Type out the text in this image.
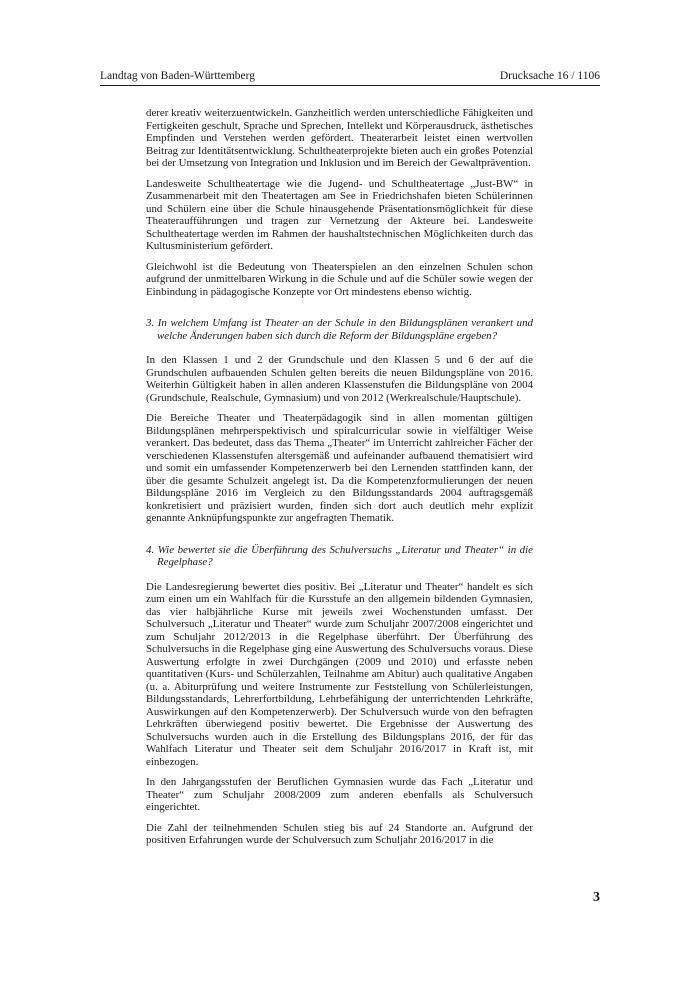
Landtag von Baden-Württemberg	Drucksache 16 / 1106

derer kreativ weiterzuentwickeln. Ganzheitlich werden unterschiedliche Fähigkeiten und Fertigkeiten geschult, Sprache und Sprechen, Intellekt und Körperausdruck, ästhetisches Empfinden und Verstehen werden gefördert. Theaterarbeit leistet einen wertvollen Beitrag zur Identitätsentwicklung. Schultheaterprojekte bieten auch ein großes Potenzial bei der Umsetzung von Integration und Inklusion und im Bereich der Gewaltprävention.

Landesweite Schultheatertage wie die Jugend- und Schultheatertage „Just-BW“ in Zusammenarbeit mit den Theatertagen am See in Friedrichshafen bieten Schülerinnen und Schülern eine über die Schule hinausgehende Präsentationsmöglichkeit für diese Theateraufführungen und tragen zur Vernetzung der Akteure bei. Landesweite Schultheatertage werden im Rahmen der haushaltstechnischen Möglichkeiten durch das Kultusministerium gefördert.

Gleichwohl ist die Bedeutung von Theaterspielen an den einzelnen Schulen schon aufgrund der unmittelbaren Wirkung in die Schule und auf die Schüler sowie wegen der Einbindung in pädagogische Konzepte vor Ort mindestens ebenso wichtig.

3. In welchem Umfang ist Theater an der Schule in den Bildungsplänen verankert und welche Änderungen haben sich durch die Reform der Bildungspläne ergeben?

In den Klassen 1 und 2 der Grundschule und den Klassen 5 und 6 der auf die Grundschulen aufbauenden Schulen gelten bereits die neuen Bildungspläne von 2016. Weiterhin Gültigkeit haben in allen anderen Klassenstufen die Bildungspläne von 2004 (Grundschule, Realschule, Gymnasium) und von 2012 (Werkrealschule/Hauptschule).

Die Bereiche Theater und Theaterpädagogik sind in allen momentan gültigen Bildungsplänen mehrperspektivisch und spiralcurricular sowie in vielfältiger Weise verankert. Das bedeutet, dass das Thema „Theater“ im Unterricht zahlreicher Fächer der verschiedenen Klassenstufen altersgemäß und aufeinander aufbauend thematisiert wird und somit ein umfassender Kompetenzerwerb bei den Lernenden stattfinden kann, der über die gesamte Schulzeit angelegt ist. Da die Kompetenzformulierungen der neuen Bildungspläne 2016 im Vergleich zu den Bildungsstandards 2004 auftragsgemäß konkretisiert und präzisiert wurden, finden sich dort auch deutlich mehr explizit genannte Anknüpfungspunkte zur angefragten Thematik.

4. Wie bewertet sie die Überführung des Schulversuchs „Literatur und Theater“ in die Regelphase?

Die Landesregierung bewertet dies positiv. Bei „Literatur und Theater“ handelt es sich zum einen um ein Wahlfach für die Kursstufe an den allgemein bildenden Gymnasien, das vier halbjährliche Kurse mit jeweils zwei Wochenstunden umfasst. Der Schulversuch „Literatur und Theater“ wurde zum Schuljahr 2007/2008 eingerichtet und zum Schuljahr 2012/2013 in die Regelphase überführt. Der Überführung des Schulversuchs in die Regelphase ging eine Auswertung des Schulversuchs voraus. Diese Auswertung erfolgte in zwei Durchgängen (2009 und 2010) und erfasste neben quantitativen (Kurs- und Schülerzahlen, Teilnahme am Abitur) auch qualitative Angaben (u. a. Abiturprüfung und weitere Instrumente zur Feststellung von Schülerleistungen, Bildungsstandards, Lehrerfortbildung, Lehrbefähigung der unterrichtenden Lehrkräfte, Auswirkungen auf den Kompetenzerwerb). Der Schulversuch wurde von den befragten Lehrkräften überwiegend positiv bewertet. Die Ergebnisse der Auswertung des Schulversuchs wurden auch in die Erstellung des Bildungsplans 2016, der für das Wahlfach Literatur und Theater seit dem Schuljahr 2016/2017 in Kraft ist, mit einbezogen.

In den Jahrgangsstufen der Beruflichen Gymnasien wurde das Fach „Literatur und Theater“ zum Schuljahr 2008/2009 zum anderen ebenfalls als Schulversuch eingerichtet.

Die Zahl der teilnehmenden Schulen stieg bis auf 24 Standorte an. Aufgrund der positiven Erfahrungen wurde der Schulversuch zum Schuljahr 2016/2017 in die

3
